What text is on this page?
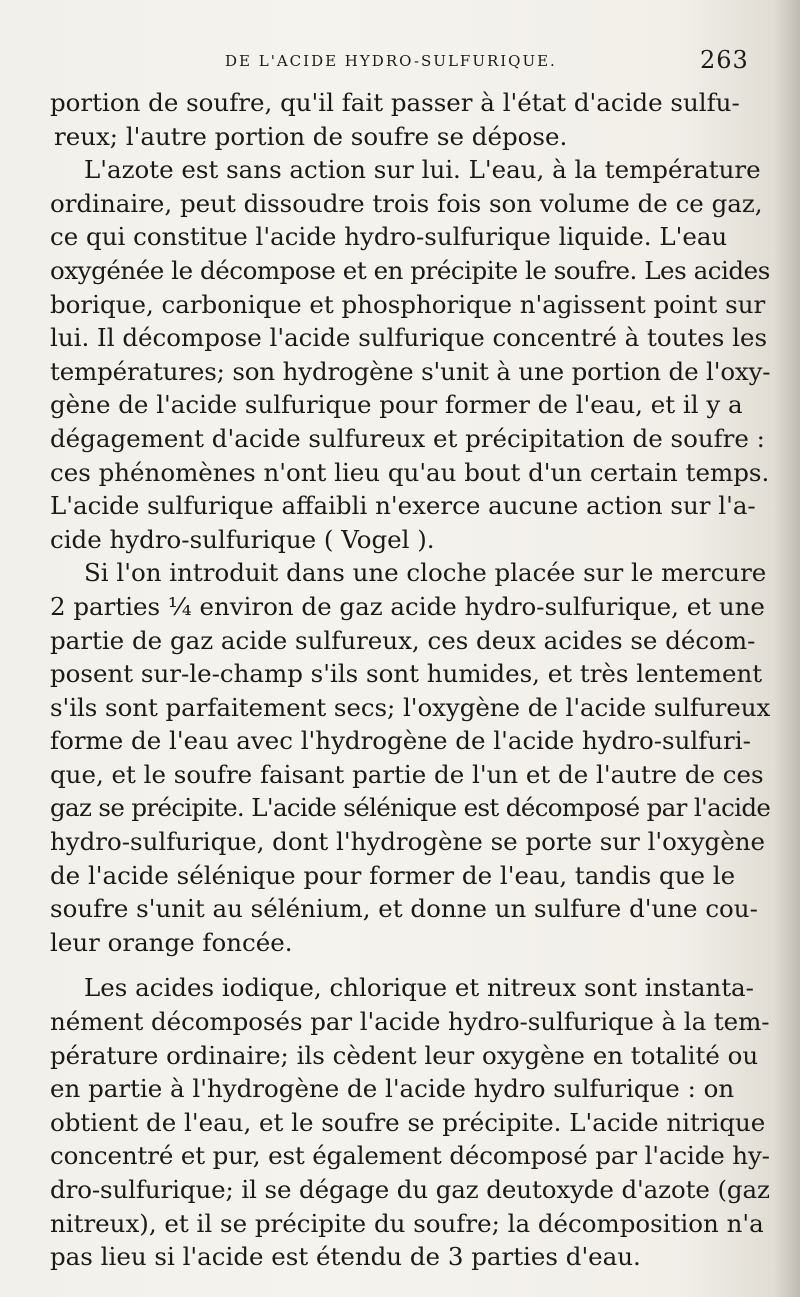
DE L'ACIDE HYDRO-SULFURIQUE.	263
portion de soufre, qu'il fait passer à l'état d'acide sulfu-
reux; l'autre portion de soufre se dépose.
L'azote est sans action sur lui. L'eau, à la température
ordinaire, peut dissoudre trois fois son volume de ce gaz,
ce qui constitue l'acide hydro-sulfurique liquide. L'eau
oxygénée le décompose et en précipite le soufre. Les acides
borique, carbonique et phosphorique n'agissent point sur
lui. Il décompose l'acide sulfurique concentré à toutes les
températures; son hydrogène s'unit à une portion de l'oxy-
gène de l'acide sulfurique pour former de l'eau, et il y a
dégagement d'acide sulfureux et précipitation de soufre :
ces phénomènes n'ont lieu qu'au bout d'un certain temps.
L'acide sulfurique affaibli n'exerce aucune action sur l'a-
cide hydro-sulfurique ( Vogel ).
Si l'on introduit dans une cloche placée sur le mercure
2 parties ¼ environ de gaz acide hydro-sulfurique, et une
partie de gaz acide sulfureux, ces deux acides se décom-
posent sur-le-champ s'ils sont humides, et très lentement
s'ils sont parfaitement secs; l'oxygène de l'acide sulfureux
forme de l'eau avec l'hydrogène de l'acide hydro-sulfuri-
que, et le soufre faisant partie de l'un et de l'autre de ces
gaz se précipite. L'acide sélénique est décomposé par l'acide
hydro-sulfurique, dont l'hydrogène se porte sur l'oxygène
de l'acide sélénique pour former de l'eau, tandis que le
soufre s'unit au sélénium, et donne un sulfure d'une cou-
leur orange foncée.
Les acides iodique, chlorique et nitreux sont instanta-
nément décomposés par l'acide hydro-sulfurique à la tem-
pérature ordinaire; ils cèdent leur oxygène en totalité ou
en partie à l'hydrogène de l'acide hydro sulfurique : on
obtient de l'eau, et le soufre se précipite. L'acide nitrique
concentré et pur, est également décomposé par l'acide hy-
dro-sulfurique; il se dégage du gaz deutoxyde d'azote (gaz
nitreux), et il se précipite du soufre; la décomposition n'a
pas lieu si l'acide est étendu de 3 parties d'eau.
